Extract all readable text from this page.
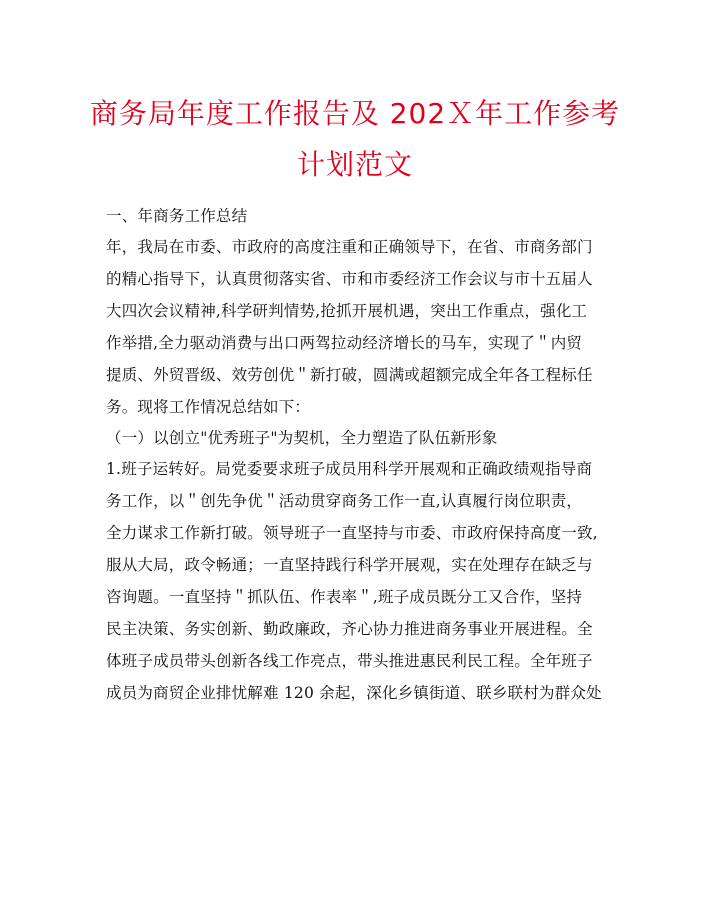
商务局年度工作报告及 202Ｘ年工作参考
计划范文
一、年商务工作总结
年，我局在市委、市政府的高度注重和正确领导下，在省、市商务部门
的精心指导下，认真贯彻落实省、市和市委经济工作会议与市十五届人
大四次会议精神,科学研判情势,抢抓开展机遇，突出工作重点，强化工
作举措,全力驱动消费与出口两驾拉动经济增长的马车，实现了＂内贸
提质、外贸晋级、效劳创优＂新打破，圆满或超额完成全年各工程标任
务。现将工作情况总结如下：
（一）以创立"优秀班子"为契机，全力塑造了队伍新形象
1.班子运转好。局党委要求班子成员用科学开展观和正确政绩观指导商
务工作，以＂创先争优＂活动贯穿商务工作一直,认真履行岗位职责，
全力谋求工作新打破。领导班子一直坚持与市委、市政府保持高度一致,
服从大局，政令畅通；一直坚持践行科学开展观，实在处理存在缺乏与
咨询题。一直坚持＂抓队伍、作表率＂,班子成员既分工又合作，坚持
民主决策、务实创新、勤政廉政，齐心协力推进商务事业开展进程。全
体班子成员带头创新各线工作亮点，带头推进惠民利民工程。全年班子
成员为商贸企业排忧解难 120 余起，深化乡镇街道、联乡联村为群众处
